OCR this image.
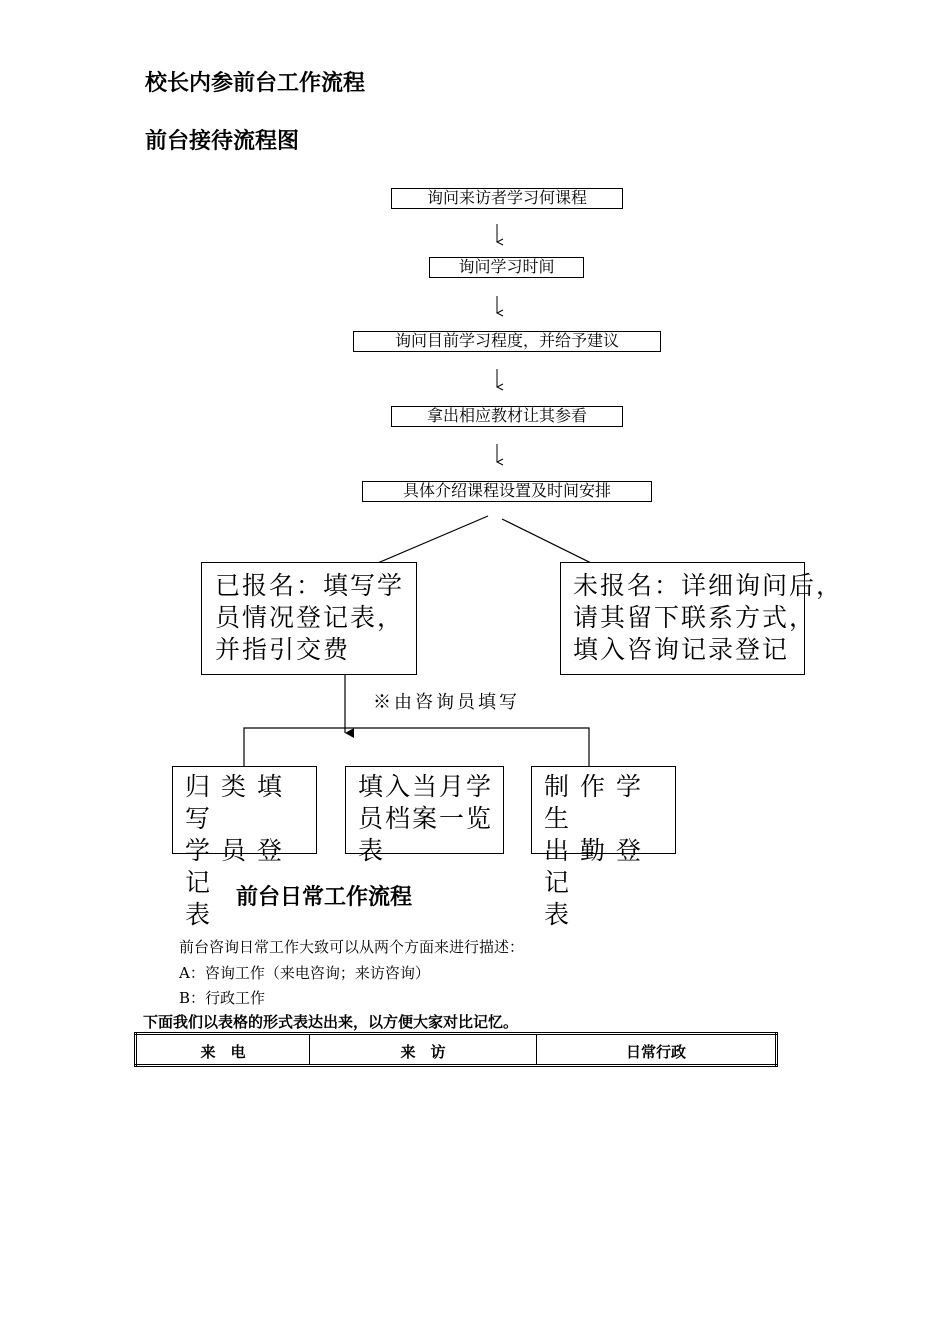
校长内参前台工作流程
前台接待流程图
询问来访者学习何课程
询问学习时间
询问目前学习程度，并给予建议
拿出相应教材让其参看
具体介绍课程设置及时间安排
已报名：填写学
员情况登记表，
并指引交费
未报名：详细询问后，
请其留下联系方式，
填入咨询记录登记
※由咨询员填写
归类填写
学员登记
表
填入当月学
员档案一览
表
制作学生
出勤登记
表
前台日常工作流程
前台咨询日常工作大致可以从两个方面来进行描述：
A：咨询工作（来电咨询；来访咨询）
B：行政工作
下面我们以表格的形式表达出来，以方便大家对比记忆。
来　电	来　访	日常行政
